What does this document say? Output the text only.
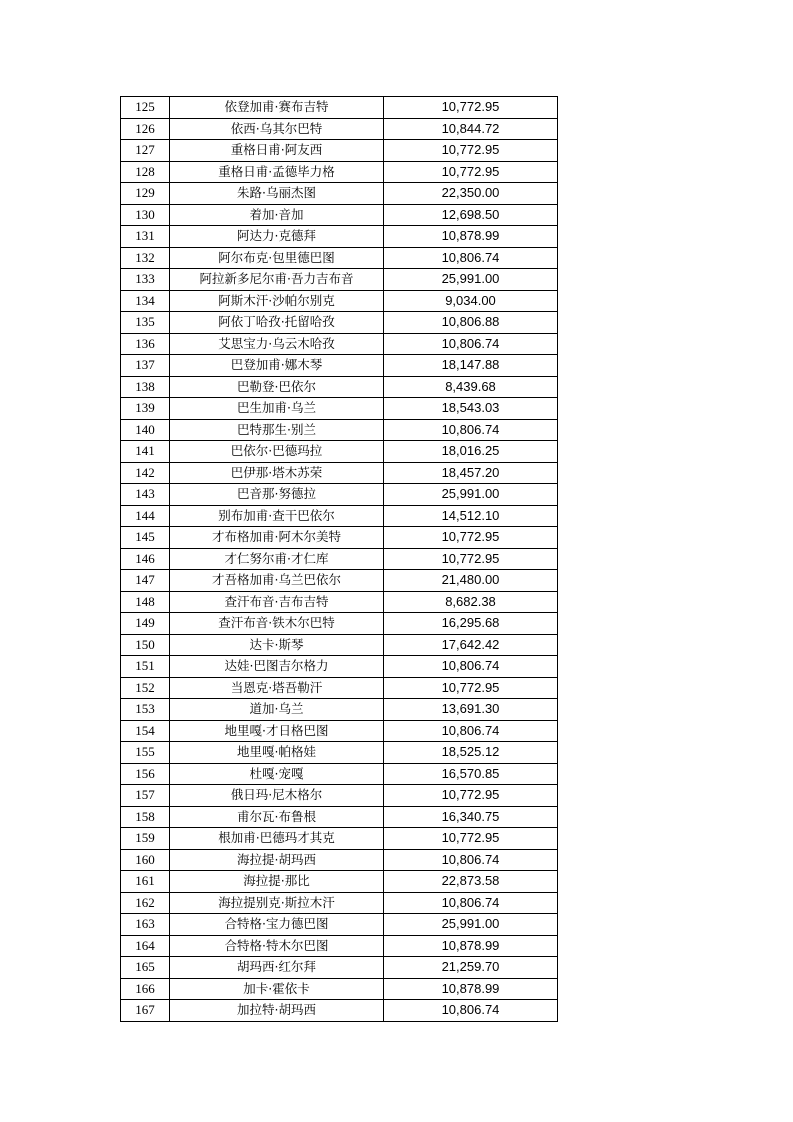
125	依登加甫·赛布吉特	10,772.95
126	依西·乌其尔巴特	10,844.72
127	重格日甫·阿友西	10,772.95
128	重格日甫·孟德毕力格	10,772.95
129	朱路·乌丽杰图	22,350.00
130	着加·音加	12,698.50
131	阿达力·克德拜	10,878.99
132	阿尔布克·包里德巴图	10,806.74
133	阿拉新多尼尔甫·吾力吉布音	25,991.00
134	阿斯木汗·沙帕尔别克	9,034.00
135	阿依丁哈孜·托留哈孜	10,806.88
136	艾思宝力·乌云木哈孜	10,806.74
137	巴登加甫·娜木琴	18,147.88
138	巴勒登·巴依尔	8,439.68
139	巴生加甫·乌兰	18,543.03
140	巴特那生·别兰	10,806.74
141	巴依尔·巴德玛拉	18,016.25
142	巴伊那·塔木苏荣	18,457.20
143	巴音那·努德拉	25,991.00
144	别布加甫·查干巴依尔	14,512.10
145	才布格加甫·阿木尔美特	10,772.95
146	才仁努尔甫·才仁库	10,772.95
147	才吾格加甫·乌兰巴依尔	21,480.00
148	查汗布音·吉布吉特	8,682.38
149	查汗布音·铁木尔巴特	16,295.68
150	达卡·斯琴	17,642.42
151	达娃·巴图吉尔格力	10,806.74
152	当恩克·塔吾勒汗	10,772.95
153	道加·乌兰	13,691.30
154	地里嘎·才日格巴图	10,806.74
155	地里嘎·帕格娃	18,525.12
156	杜嘎·宠嘎	16,570.85
157	俄日玛·尼木格尔	10,772.95
158	甫尔瓦·布鲁根	16,340.75
159	根加甫·巴德玛才其克	10,772.95
160	海拉提·胡玛西	10,806.74
161	海拉提·那比	22,873.58
162	海拉提别克·斯拉木汗	10,806.74
163	合特格·宝力德巴图	25,991.00
164	合特格·特木尔巴图	10,878.99
165	胡玛西·红尔拜	21,259.70
166	加卡·霍依卡	10,878.99
167	加拉特·胡玛西	10,806.74
